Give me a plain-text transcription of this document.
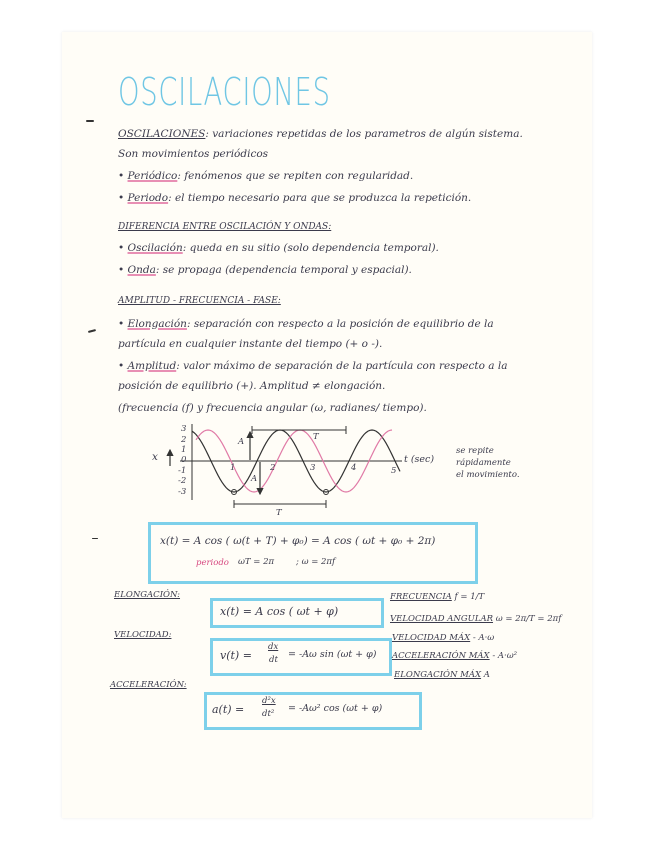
OSCILACIONES
OSCILACIONES: variaciones repetidas de los parametros de algún sistema.
Son movimientos periódicos
• Periódico: fenómenos que se repiten con regularidad.
• Periodo: el tiempo necesario para que se produzca la repetición.
DIFERENCIA ENTRE OSCILACIÓN Y ONDAS:
• Oscilación: queda en su sitio (solo dependencia temporal).
• Onda: se propaga (dependencia temporal y espacial).
AMPLITUD - FRECUENCIA - FASE:
• Elongación: separación con respecto a la posición de equilibrio de la
partícula en cualquier instante del tiempo (+ o -).
• Amplitud: valor máximo de separación de la partícula con respecto a la
posición de equilibrio (+). Amplitud ≠ elongación.
(frecuencia (f) y frecuencia angular (ω, radianes/ tiempo).
3
2
1
0
-1
-2
-3
1	2	3	4	5
x	t (sec)
T
T
A
A
se repite
rápidamente
el movimiento.
x(t) = A cos ( ω(t + T) + φ₀) = A cos ( ωt + φ₀ + 2π)
periodo ωT = 2π	; ω = 2πf
ELONGACIÓN:
x(t) = A cos ( ωt + φ)
VELOCIDAD:
v(t) =
dx
dt = -Aω sin (ωt + φ)
ACCELERACIÓN:
a(t) =
d²x
dt² = -Aω² cos (ωt + φ)
FRECUENCIA f = 1/T
VELOCIDAD ANGULAR ω = 2π/T = 2πf
VELOCIDAD MÁX - A·ω
ACCELERACIÓN MÁX - A·ω²
ELONGACIÓN MÁX A
